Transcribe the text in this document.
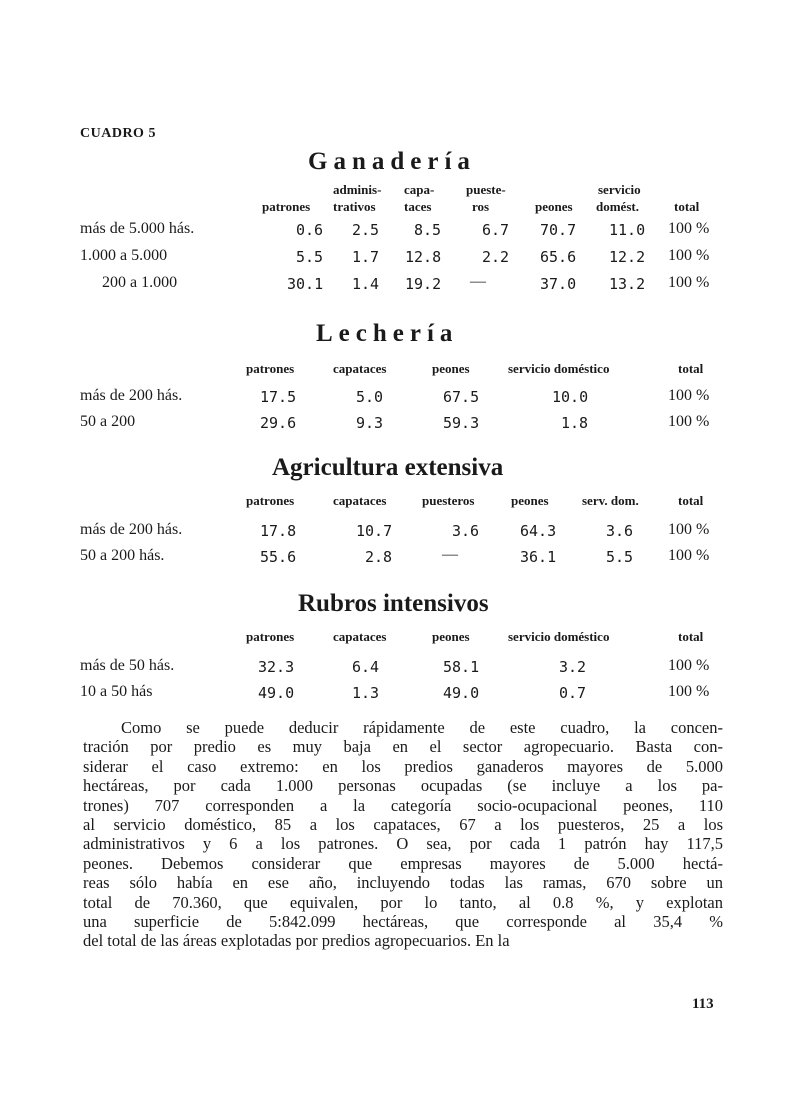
CUADRO 5
Ganadería
adminis- capa- pueste-	servicio
patrones trativos taces	ros	peones domést.	total
más de 5.000 hás.	0.6 2.5 8.5	6.7 70.7 11.0 100 %
1.000 a 5.000	5.5 1.7 12.8	2.2 65.6 12.2 100 %
200 a 1.000	30.1 1.4 19.2 —	37.0 13.2 100 %
Lechería
patrones	capataces	peones	servicio doméstico	total
más de 200 hás.	17.5	5.0	67.5	10.0	100 %
50 a 200	29.6	9.3	59.3	1.8	100 %
Agricultura extensiva
patrones	capataces	puesteros	peones	serv. dom.	total
más de 200 hás.	17.8	10.7	3.6	64.3	3.6 100 %
50 a 200 hás.	55.6	2.8	—	36.1	5.5 100 %
Rubros intensivos
patrones	capataces	peones	servicio doméstico	total
más de 50 hás.	32.3	6.4	58.1	3.2	100 %
10 a 50 hás	49.0	1.3	49.0	0.7	100 %
Como se puede deducir rápidamente de este cuadro, la concen-
tración por predio es muy baja en el sector agropecuario. Basta con-
siderar el caso extremo: en los predios ganaderos mayores de 5.000
hectáreas, por cada 1.000 personas ocupadas (se incluye a los pa-
trones) 707 corresponden a la categoría socio-ocupacional peones, 110
al servicio doméstico, 85 a los capataces, 67 a los puesteros, 25 a los
administrativos y 6 a los patrones. O sea, por cada 1 patrón hay 117,5
peones. Debemos considerar que empresas mayores de 5.000 hectá-
reas sólo había en ese año, incluyendo todas las ramas, 670 sobre un
total de 70.360, que equivalen, por lo tanto, al 0.8 %, y explotan
una superficie de 5:842.099 hectáreas, que corresponde al 35,4 %
del total de las áreas explotadas por predios agropecuarios. En la
113
